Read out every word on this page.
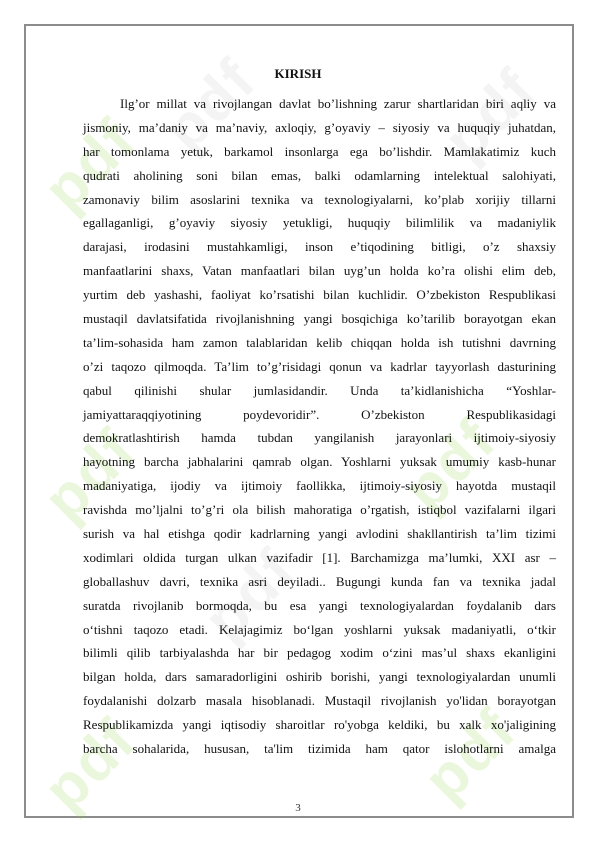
pdf
pdf	pdf
pdf	pdf
pdf
pdf	pdf
KIRISH
Ilg’or millat va rivojlangan davlat bo’lishning zarur shartlaridan biri aqliy va
jismoniy, ma’daniy va ma’naviy, axloqiy, g’oyaviy – siyosiy va huquqiy juhatdan,
har tomonlama yetuk, barkamol insonlarga ega bo’lishdir. Mamlakatimiz kuch
qudrati aholining soni bilan emas, balki odamlarning intelektual salohiyati,
zamonaviy bilim asoslarini texnika va texnologiyalarni, ko’plab xorijiy tillarni
egallaganligi, g’oyaviy siyosiy yetukligi, huquqiy bilimlilik va madaniylik
darajasi, irodasini mustahkamligi, inson e’tiqodining bitligi, o’z shaxsiy
manfaatlarini shaxs, Vatan manfaatlari bilan uyg’un holda ko’ra olishi elim deb,
yurtim deb yashashi, faoliyat ko’rsatishi bilan kuchlidir. O’zbekiston Respublikasi
mustaqil davlatsifatida rivojlanishning yangi bosqichiga ko’tarilib borayotgan ekan
ta’lim-sohasida ham zamon talablaridan kelib chiqqan holda ish tutishni davrning
o’zi taqozo qilmoqda. Ta’lim to’g’risidagi qonun va kadrlar tayyorlash dasturining
qabul qilinishi shular jumlasidandir. Unda ta’kidlanishicha “Yoshlar-
jamiyattaraqqiyotining poydevoridir”. O’zbekiston Respublikasidagi
demokratlashtirish hamda tubdan yangilanish jarayonlari ijtimoiy-siyosiy
hayotning barcha jabhalarini qamrab olgan. Yoshlarni yuksak umumiy kasb-hunar
madaniyatiga, ijodiy va ijtimoiy faollikka, ijtimoiy-siyosiy hayotda mustaqil
ravishda mo’ljalni to’g’ri ola bilish mahoratiga o’rgatish, istiqbol vazifalarni ilgari
surish va hal etishga qodir kadrlarning yangi avlodini shakllantirish ta’lim tizimi
xodimlari oldida turgan ulkan vazifadir [1]. Barchamizga ma’lumki, XXI asr –
globallashuv davri, texnika asri deyiladi.. Bugungi kunda fan va texnika jadal
suratda rivojlanib bormoqda, bu esa yangi texnologiyalardan foydalanib dars
o‘tishni taqozo etadi. Kelajagimiz bo‘lgan yoshlarni yuksak madaniyatli, o‘tkir
bilimli qilib tarbiyalashda har bir pedagog xodim o‘zini mas’ul shaxs ekanligini
bilgan holda, dars samaradorligini oshirib borishi, yangi texnologiyalardan unumli
foydalanishi dolzarb masala hisoblanadi. Mustaqil rivojlanish yo'lidan borayotgan
Respublikamizda yangi iqtisodiy sharoitlar ro'yobga keldiki, bu xalk xo'jaligining
barcha sohalarida, hususan, ta'lim tizimida ham qator islohotlarni amalga
3
